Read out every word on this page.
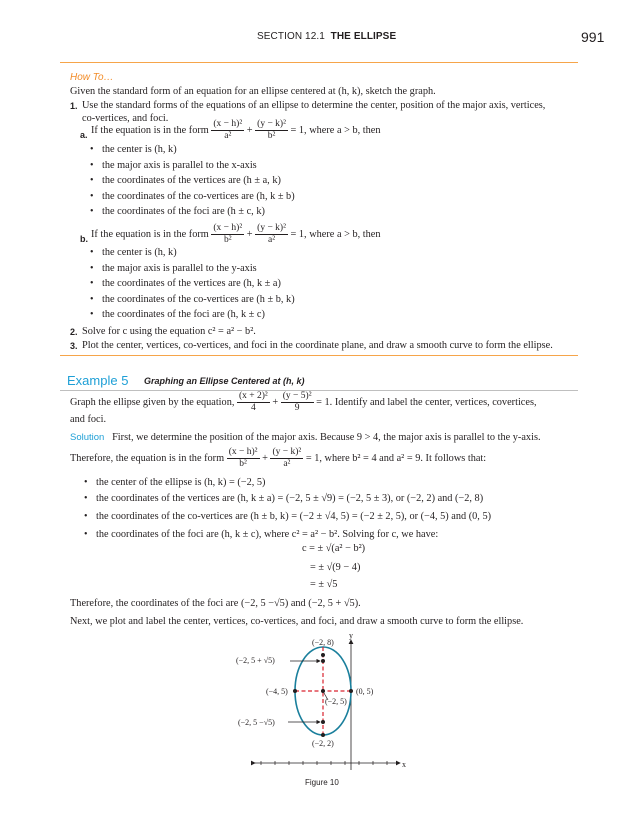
SECTION 12.1 THE ELLIPSE	991
How To…
Given the standard form of an equation for an ellipse centered at (h, k), sketch the graph.
1. Use the standard forms of the equations of an ellipse to determine the center, position of the major axis, vertices,
co-vertices, and foci.
a. If the equation is in the form $\frac{\text{(x − h)²}}{\text{a²}} + \frac{\text{(y − k)²}}{\text{b²}} = 1$, where a > b, then
• the center is (h, k)
• the major axis is parallel to the x-axis
• the coordinates of the vertices are (h ± a, k)
• the coordinates of the co-vertices are (h, k ± b)
• the coordinates of the foci are (h ± c, k)
b. If the equation is in the form $\frac{\text{(x − h)²}}{\text{b²}} + \frac{\text{(y − k)²}}{\text{a²}} = 1$, where a > b, then
• the center is (h, k)
• the major axis is parallel to the y-axis
• the coordinates of the vertices are (h, k ± a)
• the coordinates of the co-vertices are (h ± b, k)
• the coordinates of the foci are (h, k ± c)
2. Solve for c using the equation c² = a² − b².
3. Plot the center, vertices, co-vertices, and foci in the coordinate plane, and draw a smooth curve to form the ellipse.
Example 5 Graphing an Ellipse Centered at (h, k)
Graph the ellipse given by the equation, $\frac{\text{(x + 2)²}}{4} + \frac{\text{(y − 5)²}}{9} = 1$. Identify and label the center, vertices, covertices,
and foci.
Solution First, we determine the position of the major axis. Because 9 > 4, the major axis is parallel to the y-axis.
Therefore, the equation is in the form $\frac{\text{(x − h)²}}{\text{b²}} + \frac{\text{(y − k)²}}{\text{a²}} = 1$, where b² = 4 and a² = 9. It follows that:
• the center of the ellipse is (h, k) = (−2, 5)
• the coordinates of the vertices are (h, k ± a) = (−2, 5 ± √9) = (−2, 5 ± 3), or (−2, 2) and (−2, 8)
• the coordinates of the co-vertices are (h ± b, k) = (−2 ± √4, 5) = (−2 ± 2, 5), or (−4, 5) and (0, 5)
• the coordinates of the foci are (h, k ± c), where c² = a² − b². Solving for c, we have:
c = ± √(a² − b²)
= ± √(9 − 4)
= ± √5
Therefore, the coordinates of the foci are (−2, 5 −√5) and (−2, 5 + √5).
Next, we plot and label the center, vertices, co-vertices, and foci, and draw a smooth curve to form the ellipse.
x
y
(−2, 8)
(−2, 5 + √5)
(−4, 5)	(0, 5)
(−2, 5)
(−2, 5 −√5)
(−2, 2)
Figure 10
